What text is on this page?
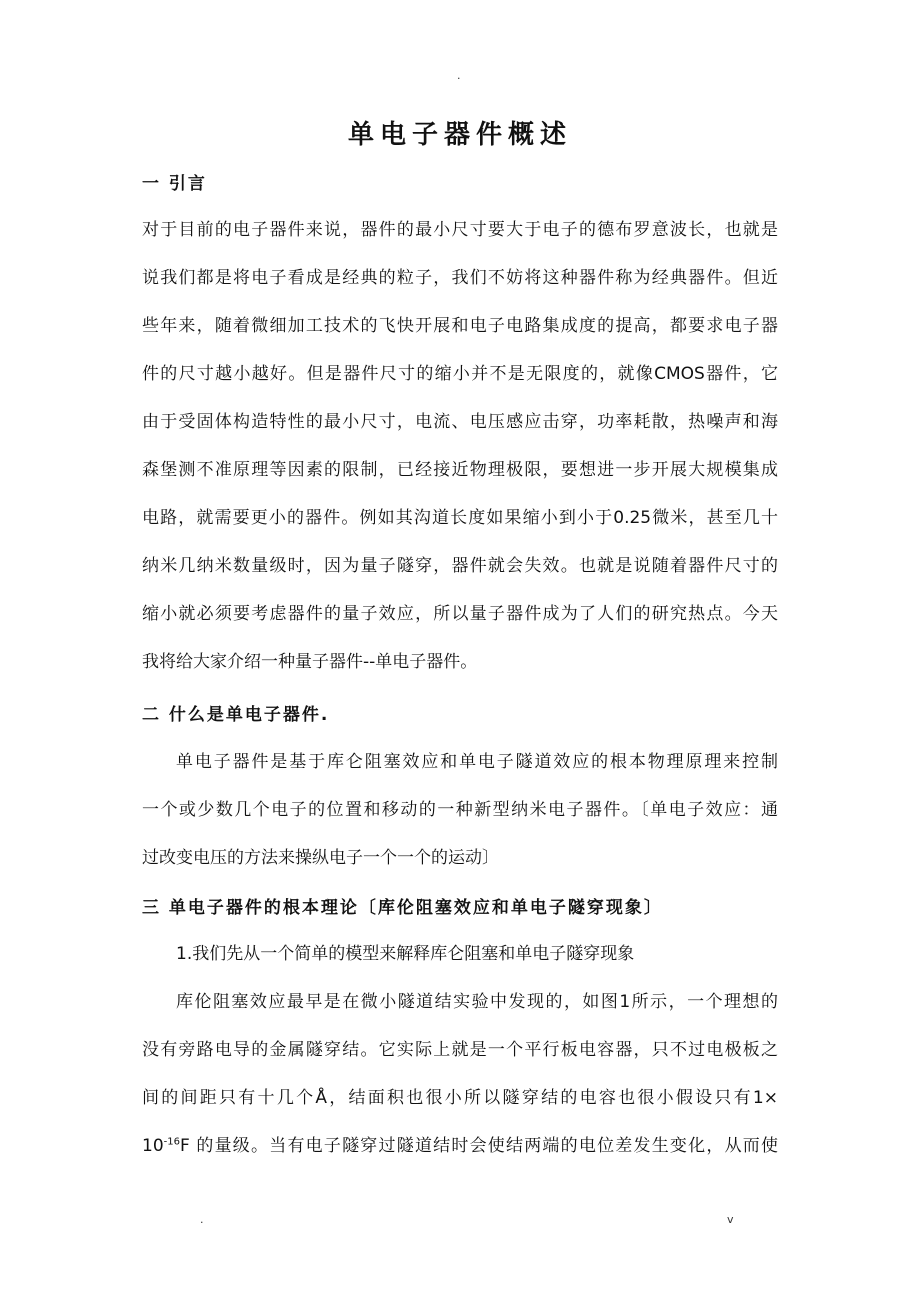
.
单电子器件概述
一 引言
对于目前的电子器件来说，器件的最小尺寸要大于电子的德布罗意波长，也就是
说我们都是将电子看成是经典的粒子，我们不妨将这种器件称为经典器件。但近
些年来，随着微细加工技术的飞快开展和电子电路集成度的提高，都要求电子器
件的尺寸越小越好。但是器件尺寸的缩小并不是无限度的，就像CMOS器件，它
由于受固体构造特性的最小尺寸，电流、电压感应击穿，功率耗散，热噪声和海
森堡测不准原理等因素的限制，已经接近物理极限，要想进一步开展大规模集成
电路，就需要更小的器件。例如其沟道长度如果缩小到小于0.25微米，甚至几十
纳米几纳米数量级时，因为量子隧穿，器件就会失效。也就是说随着器件尺寸的
缩小就必须要考虑器件的量子效应，所以量子器件成为了人们的研究热点。今天
我将给大家介绍一种量子器件--单电子器件。
二 什么是单电子器件.
单电子器件是基于库仑阻塞效应和单电子隧道效应的根本物理原理来控制
一个或少数几个电子的位置和移动的一种新型纳米电子器件。〔单电子效应：通
过改变电压的方法来操纵电子一个一个的运动〕
三 单电子器件的根本理论〔库伦阻塞效应和单电子隧穿现象〕
1.我们先从一个简单的模型来解释库仑阻塞和单电子隧穿现象
库伦阻塞效应最早是在微小隧道结实验中发现的，如图1所示，一个理想的
没有旁路电导的金属隧穿结。它实际上就是一个平行板电容器，只不过电极板之
间的间距只有十几个Å，结面积也很小所以隧穿结的电容也很小假设只有1×
$10^{-16}F$ 的量级。当有电子隧穿过隧道结时会使结两端的电位差发生变化，从而使
.	v
